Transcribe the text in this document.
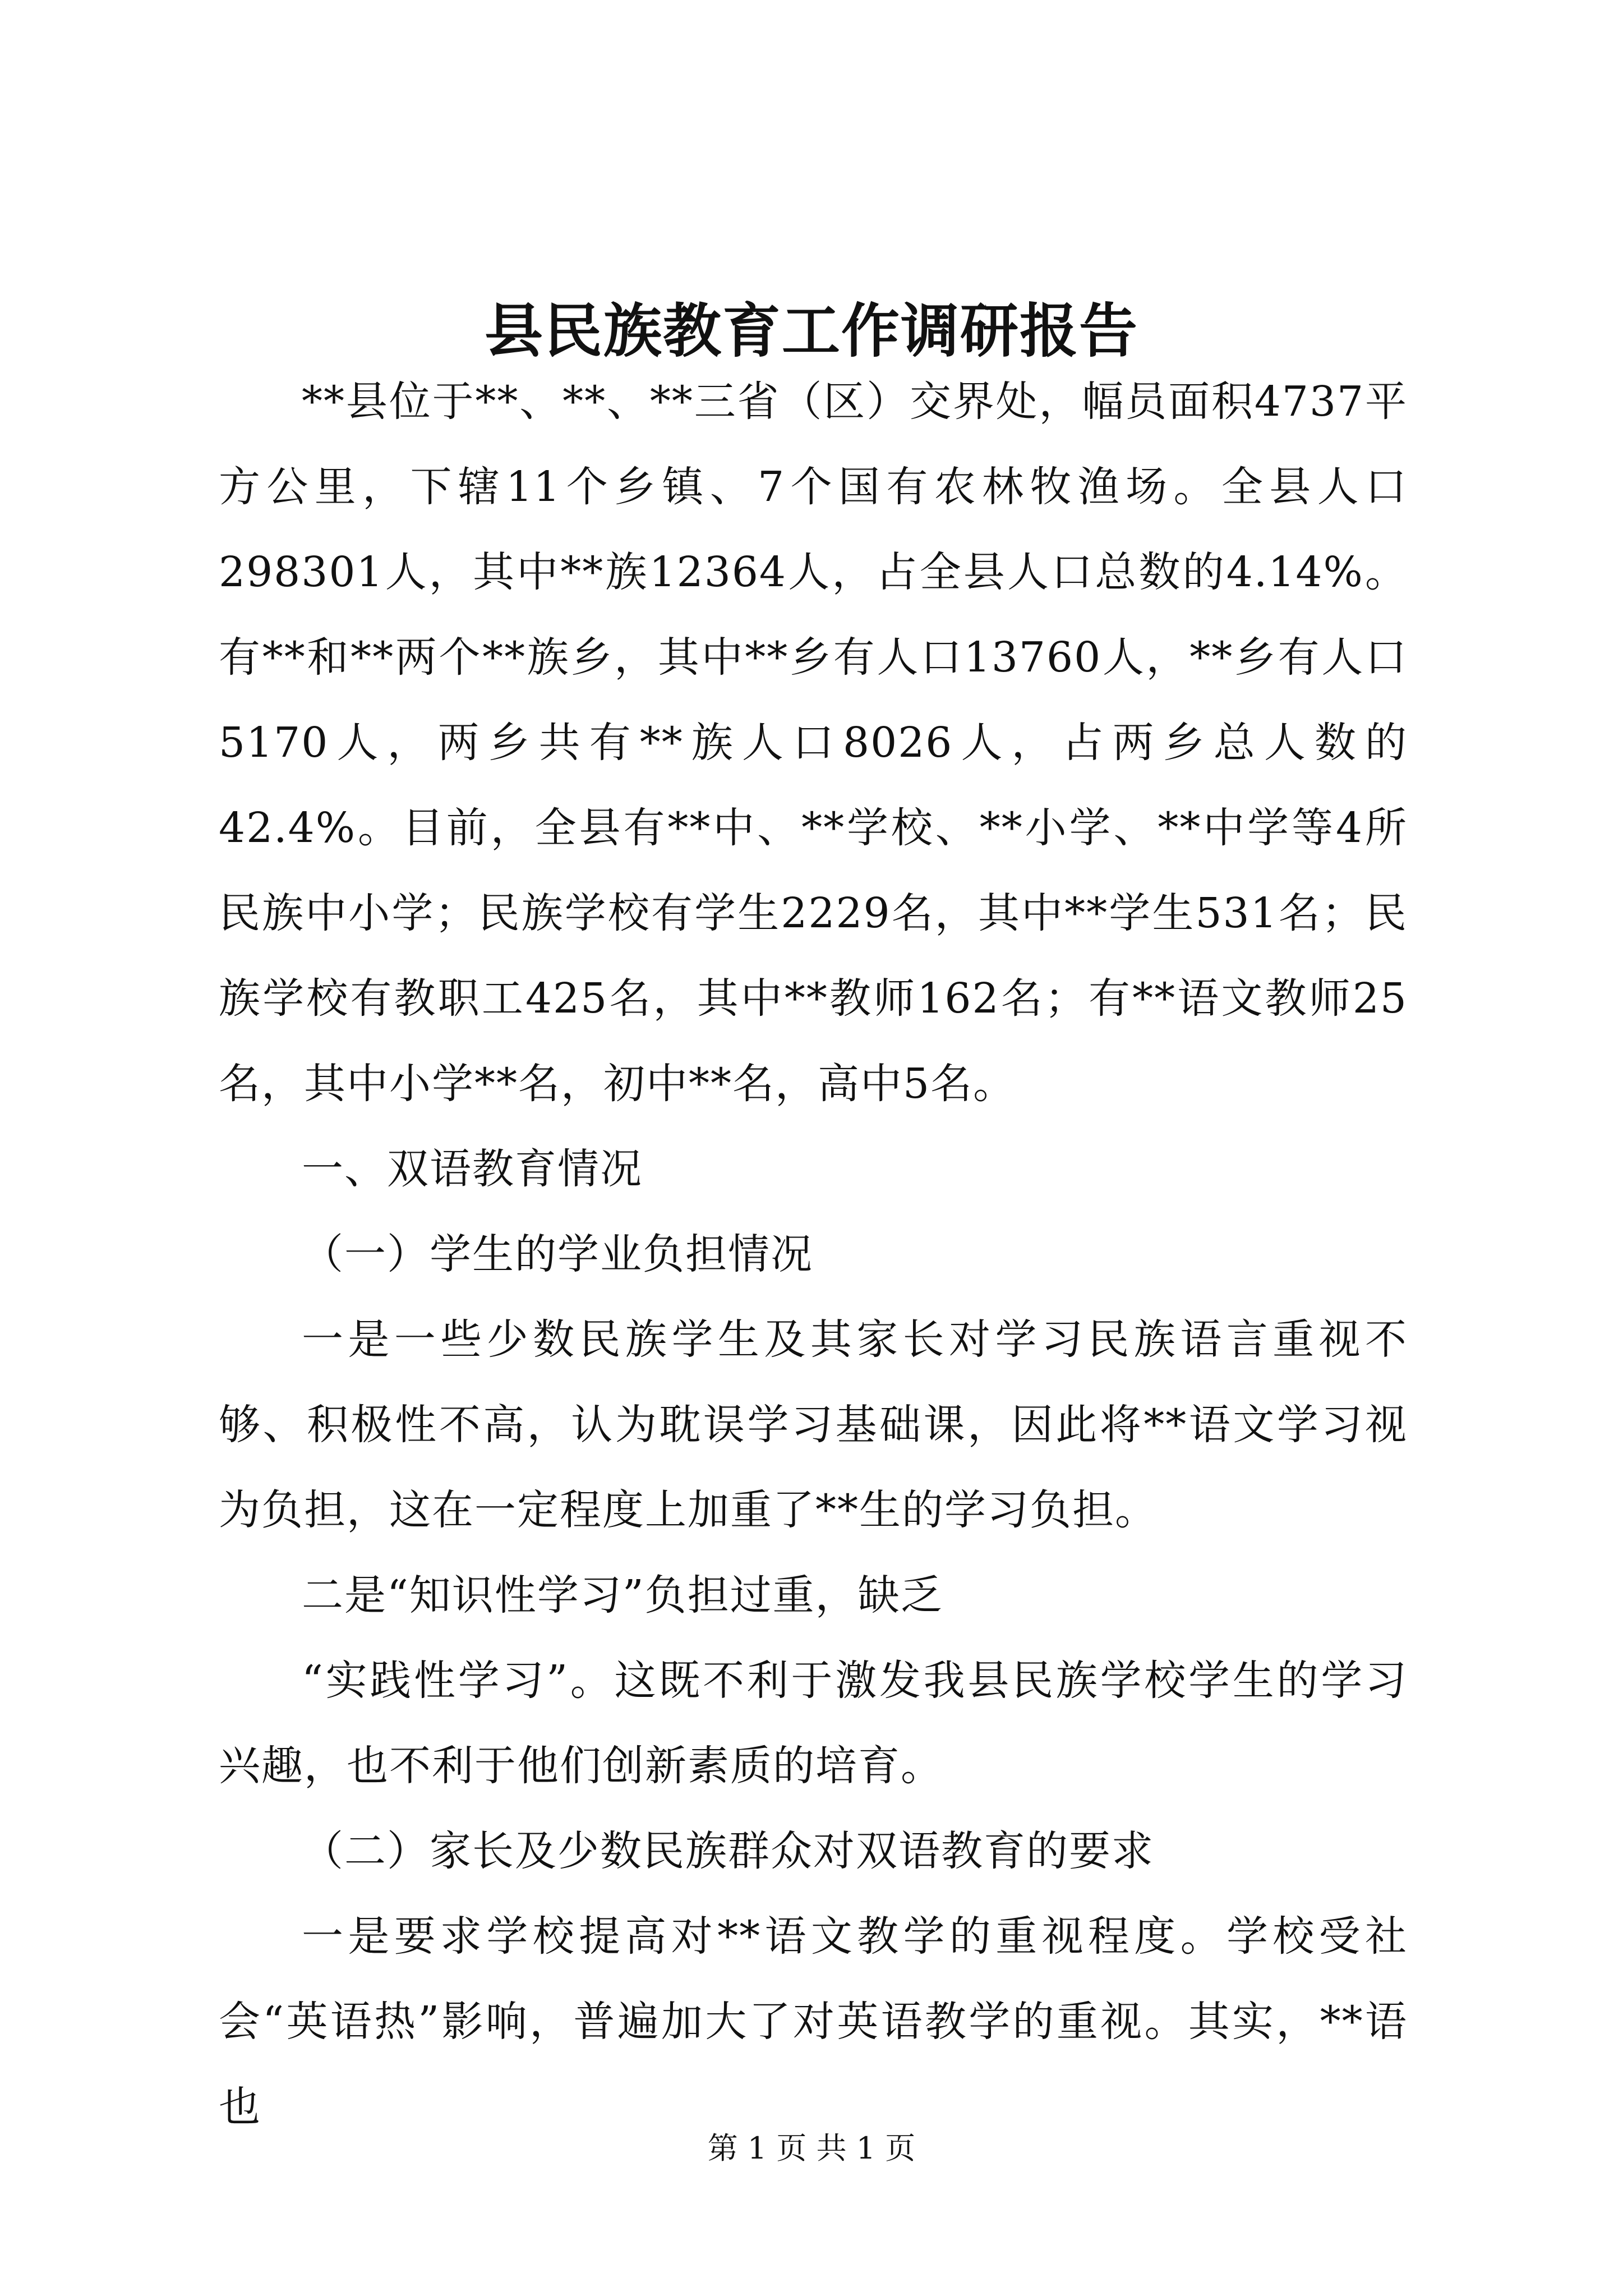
县民族教育工作调研报告

**县位于**、**、**三省（区）交界处，幅员面积4737平方公里，下辖11个乡镇、7个国有农林牧渔场。全县人口298301人，其中**族12364人，占全县人口总数的4.14%。有**和**两个**族乡，其中**乡有人口13760人，**乡有人口5170人，两乡共有**族人口8026人，占两乡总人数的42.4%。目前，全县有**中、**学校、**小学、**中学等4所民族中小学；民族学校有学生2229名，其中**学生531名；民族学校有教职工425名，其中**教师162名；有**语文教师25名，其中小学**名，初中**名，高中5名。

一、双语教育情况

（一）学生的学业负担情况

一是一些少数民族学生及其家长对学习民族语言重视不够、积极性不高，认为耽误学习基础课，因此将**语文学习视为负担，这在一定程度上加重了**生的学习负担。

二是“知识性学习”负担过重，缺乏

“实践性学习”。这既不利于激发我县民族学校学生的学习兴趣，也不利于他们创新素质的培育。

（二）家长及少数民族群众对双语教育的要求

一是要求学校提高对**语文教学的重视程度。学校受社会“英语热”影响，普遍加大了对英语教学的重视。其实，**语也

第 1 页 共 1 页
